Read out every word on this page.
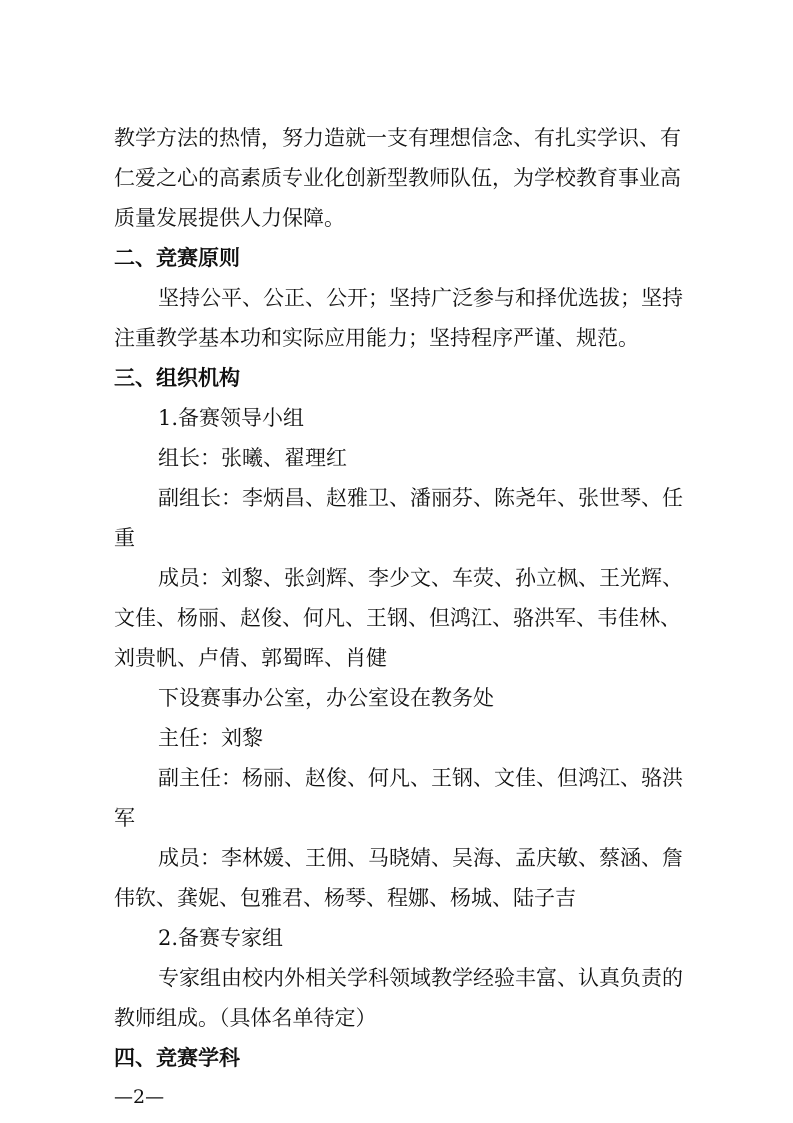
教学方法的热情，努力造就一支有理想信念、有扎实学识、有
仁爱之心的高素质专业化创新型教师队伍，为学校教育事业高
质量发展提供人力保障。
二、竞赛原则
坚持公平、公正、公开；坚持广泛参与和择优选拔；坚持
注重教学基本功和实际应用能力；坚持程序严谨、规范。
三、组织机构
1.备赛领导小组
组长：张曦、翟理红
副组长：李炳昌、赵雅卫、潘丽芬、陈尧年、张世琴、任
重
成员：刘黎、张剑辉、李少文、车荧、孙立枫、王光辉、
文佳、杨丽、赵俊、何凡、王钢、但鸿江、骆洪军、韦佳林、
刘贵帆、卢倩、郭蜀晖、肖健
下设赛事办公室，办公室设在教务处
主任：刘黎
副主任：杨丽、赵俊、何凡、王钢、文佳、但鸿江、骆洪
军
成员：李林媛、王佣、马晓婧、吴海、孟庆敏、蔡涵、詹
伟钦、龚妮、包雅君、杨琴、程娜、杨城、陆子吉
2.备赛专家组
专家组由校内外相关学科领域教学经验丰富、认真负责的
教师组成。（具体名单待定）
四、竞赛学科
—2—
